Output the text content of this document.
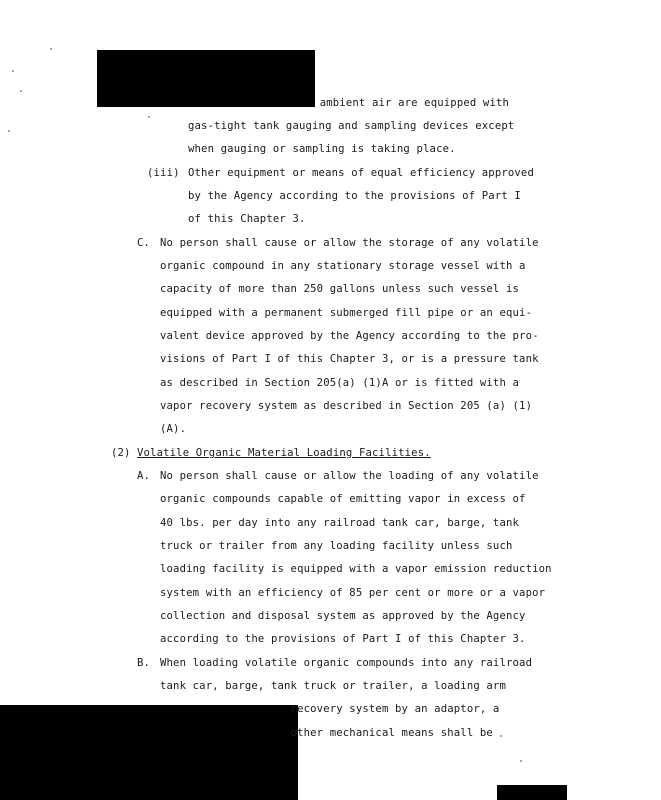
ambient air are equipped with
gas-tight tank gauging and sampling devices except
when gauging or sampling is taking place.
(iii) Other equipment or means of equal efficiency approved
by the Agency according to the provisions of Part I
of this Chapter 3.
C. No person shall cause or allow the storage of any volatile
organic compound in any stationary storage vessel with a
capacity of more than 250 gallons unless such vessel is
equipped with a permanent submerged fill pipe or an equi-
valent device approved by the Agency according to the pro-
visions of Part I of this Chapter 3, or is a pressure tank
as described in Section 205(a) (1)A or is fitted with a
vapor recovery system as described in Section 205 (a) (1)
(A).
(2) Volatile Organic Material Loading Facilities.
A. No person shall cause or allow the loading of any volatile
organic compounds capable of emitting vapor in excess of
40 lbs. per day into any railroad tank car, barge, tank
truck or trailer from any loading facility unless such
loading facility is equipped with a vapor emission reduction
system with an efficiency of 85 per cent or more or a vapor
collection and disposal system as approved by the Agency
according to the provisions of Part I of this Chapter 3.
B. When loading volatile organic compounds into any railroad
tank car, barge, tank truck or trailer, a loading arm
recovery system by an adaptor, a
other mechanical means shall be
